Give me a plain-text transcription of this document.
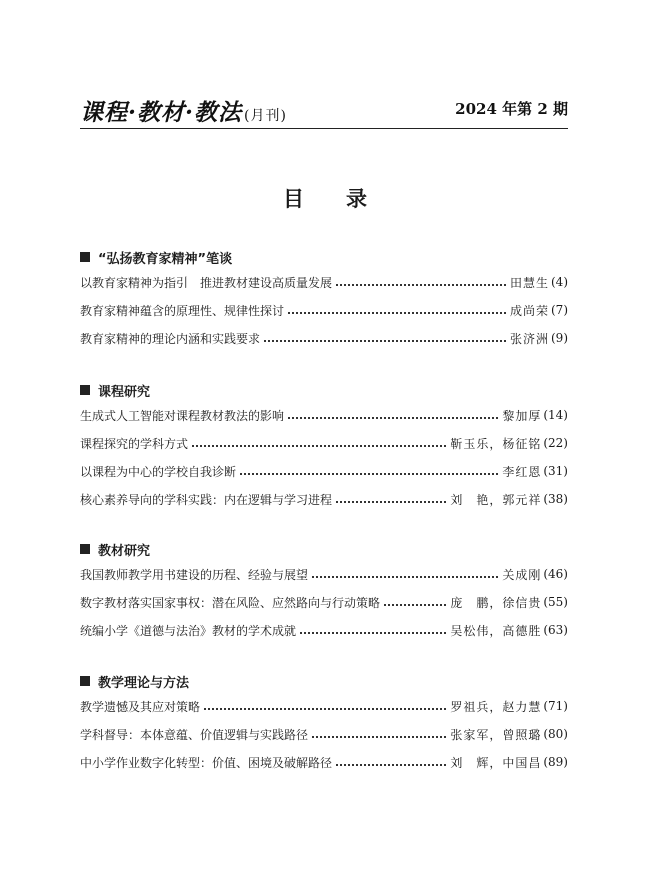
课程·教材·教法 (月刊)	2024 年第 2 期
目录
“弘扬教育家精神”笔谈
以教育家精神为指引　推进教材建设高质量发展	田慧生 (4)
教育家精神蕴含的原理性、规律性探讨	成尚荣 (7)
教育家精神的理论内涵和实践要求	张济洲 (9)
课程研究
生成式人工智能对课程教材教法的影响	黎加厚 (14)
课程探究的学科方式	靳玉乐，杨征铭 (22)
以课程为中心的学校自我诊断	李红恩 (31)
核心素养导向的学科实践：内在逻辑与学习进程	刘　艳，郭元祥 (38)
教材研究
我国教师教学用书建设的历程、经验与展望	关成刚 (46)
数字教材落实国家事权：潜在风险、应然路向与行动策略	庞　鹏，徐信贵 (55)
统编小学《道德与法治》教材的学术成就	吴松伟，高德胜 (63)
教学理论与方法
教学遗憾及其应对策略	罗祖兵，赵力慧 (71)
学科督导：本体意蕴、价值逻辑与实践路径	张家军，曾照璐 (80)
中小学作业数字化转型：价值、困境及破解路径	刘　辉，中国昌 (89)
